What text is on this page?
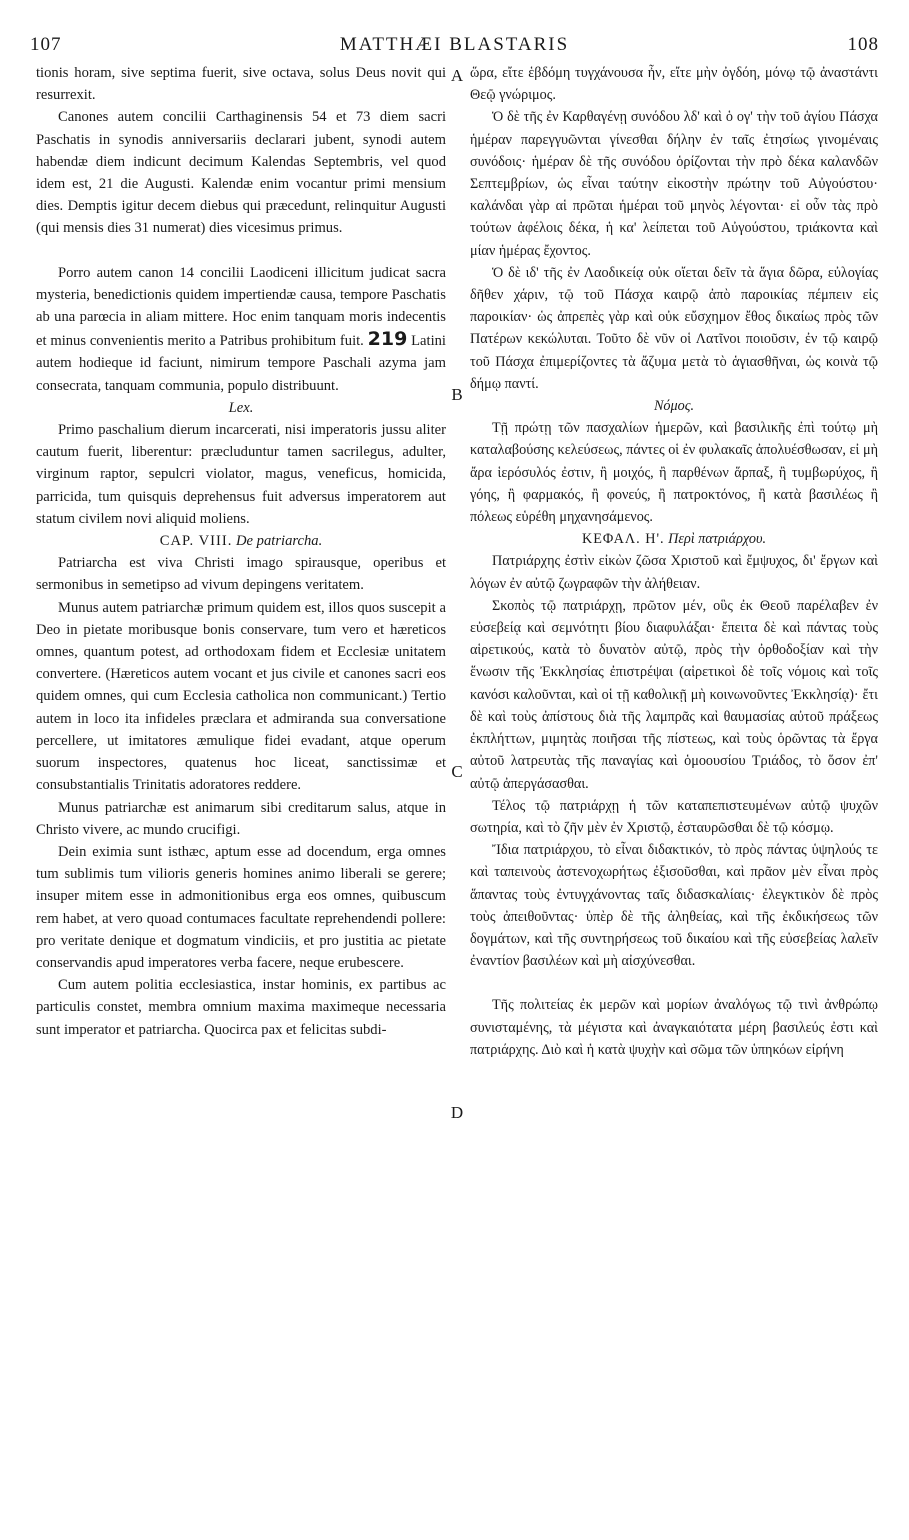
107	MATTHÆI BLASTARIS	108
A
B
C
D

tionis horam, sive septima fuerit, sive octava, solus Deus novit qui resurrexit.

Canones autem concilii Carthaginensis 54 et 73 diem sacri Paschatis in synodis anniversariis declarari jubent, synodi autem habendæ diem indicunt decimum Kalendas Septembris, vel quod idem est, 21 die Augusti. Kalendæ enim vocantur primi mensium dies. Demptis igitur decem diebus qui præcedunt, relinquitur Augusti (qui mensis dies 31 numerat) dies vicesimus primus.

Porro autem canon 14 concilii Laodiceni illicitum judicat sacra mysteria, benedictionis quidem impertiendæ causa, tempore Paschatis ab una parœcia in aliam mittere. Hoc enim tanquam moris indecentis et minus convenientis merito a Patribus prohibitum fuit. 219 Latini autem hodieque id faciunt, nimirum tempore Paschali azyma jam consecrata, tanquam communia, populo distribuunt.

Lex.

Primo paschalium dierum incarcerati, nisi imperatoris jussu aliter cautum fuerit, liberentur: præcluduntur tamen sacrilegus, adulter, virginum raptor, sepulcri violator, magus, veneficus, homicida, parricida, tum quisquis deprehensus fuit adversus imperatorem aut statum civilem novi aliquid moliens.

CAP. VIII. De patriarcha.

Patriarcha est viva Christi imago spirausque, operibus et sermonibus in semetipso ad vivum depingens veritatem.

Munus autem patriarchæ primum quidem est, illos quos suscepit a Deo in pietate moribusque bonis conservare, tum vero et hæreticos omnes, quantum potest, ad orthodoxam fidem et Ecclesiæ unitatem convertere. (Hæreticos autem vocant et jus civile et canones sacri eos quidem omnes, qui cum Ecclesia catholica non communicant.) Tertio autem in loco ita infideles præclara et admiranda sua conversatione percellere, ut imitatores æmulique fidei evadant, atque operum suorum inspectores, quatenus hoc liceat, sanctissimæ et consubstantialis Trinitatis adoratores reddere.

Munus patriarchæ est animarum sibi creditarum salus, atque in Christo vivere, ac mundo crucifigi.

Dein eximia sunt isthæc, aptum esse ad docendum, erga omnes tum sublimis tum vilioris generis homines animo liberali se gerere; insuper mitem esse in admonitionibus erga eos omnes, quibuscum rem habet, at vero quoad contumaces facultate reprehendendi pollere: pro veritate denique et dogmatum vindiciis, et pro justitia ac pietate conservandis apud imperatores verba facere, neque erubescere.

Cum autem politia ecclesiastica, instar hominis, ex partibus ac particulis constet, membra omnium maxima maximeque necessaria sunt imperator et patriarcha. Quocirca pax et felicitas subdi-

ὥρα, εἴτε ἑβδόμη τυγχάνουσα ἦν, εἴτε μὴν ὀγδόη, μόνῳ τῷ ἀναστάντι Θεῷ γνώριμος.

Ὁ δὲ τῆς ἐν Καρθαγένῃ συνόδου λδ' καὶ ὁ ογ' τὴν τοῦ ἁγίου Πάσχα ἡμέραν παρεγγυῶνται γίνεσθαι δήλην ἐν ταῖς ἐτησίως γινομέναις συνόδοις· ἡμέραν δὲ τῆς συνόδου ὁρίζονται τὴν πρὸ δέκα καλανδῶν Σεπτεμβρίων, ὡς εἶναι ταύτην εἰκοστὴν πρώτην τοῦ Αὐγούστου· καλάνδαι γὰρ αἱ πρῶται ἡμέραι τοῦ μηνὸς λέγονται· εἰ οὖν τὰς πρὸ τούτων ἀφέλοις δέκα, ἡ κα' λείπεται τοῦ Αὐγούστου, τριάκοντα καὶ μίαν ἡμέρας ἔχοντος.

Ὁ δὲ ιδ' τῆς ἐν Λαοδικείᾳ οὐκ οἴεται δεῖν τὰ ἅγια δῶρα, εὐλογίας δῆθεν χάριν, τῷ τοῦ Πάσχα καιρῷ ἀπὸ παροικίας πέμπειν εἰς παροικίαν· ὡς ἀπρεπὲς γὰρ καὶ οὐκ εὔσχημον ἔθος δικαίως πρὸς τῶν Πατέρων κεκώλυται. Τοῦτο δὲ νῦν οἱ Λατῖνοι ποιοῦσιν, ἐν τῷ καιρῷ τοῦ Πάσχα ἐπιμερίζοντες τὰ ἄζυμα μετὰ τὸ ἁγιασθῆναι, ὡς κοινὰ τῷ δήμῳ παντί.

Νόμος.

Τῇ πρώτῃ τῶν πασχαλίων ἡμερῶν, καὶ βασιλικῆς ἐπὶ τούτῳ μὴ καταλαβούσης κελεύσεως, πάντες οἱ ἐν φυλακαῖς ἀπολυέσθωσαν, εἰ μὴ ἄρα ἱερόσυλός ἐστιν, ἢ μοιχός, ἢ παρθένων ἅρπαξ, ἢ τυμβωρύχος, ἢ γόης, ἢ φαρμακός, ἢ φονεύς, ἢ πατροκτόνος, ἢ κατὰ βασιλέως ἢ πόλεως εὑρέθη μηχανησάμενος.

ΚΕΦΑΛ. Η'. Περὶ πατριάρχου.

Πατριάρχης ἐστὶν εἰκὼν ζῶσα Χριστοῦ καὶ ἔμψυχος, δι' ἔργων καὶ λόγων ἐν αὐτῷ ζωγραφῶν τὴν ἀλήθειαν.

Σκοπὸς τῷ πατριάρχῃ, πρῶτον μέν, οὓς ἐκ Θεοῦ παρέλαβεν ἐν εὐσεβείᾳ καὶ σεμνότητι βίου διαφυλάξαι· ἔπειτα δὲ καὶ πάντας τοὺς αἱρετικούς, κατὰ τὸ δυνατὸν αὐτῷ, πρὸς τὴν ὀρθοδοξίαν καὶ τὴν ἕνωσιν τῆς Ἐκκλησίας ἐπιστρέψαι (αἱρετικοὶ δὲ τοῖς νόμοις καὶ τοῖς κανόσι καλοῦνται, καὶ οἱ τῇ καθολικῇ μὴ κοινωνοῦντες Ἐκκλησίᾳ)· ἔτι δὲ καὶ τοὺς ἀπίστους διὰ τῆς λαμπρᾶς καὶ θαυμασίας αὐτοῦ πράξεως ἐκπλήττων, μιμητὰς ποιῆσαι τῆς πίστεως, καὶ τοὺς ὁρῶντας τὰ ἔργα αὐτοῦ λατρευτὰς τῆς παναγίας καὶ ὁμοουσίου Τριάδος, τὸ ὅσον ἐπ' αὐτῷ ἀπεργάσασθαι.

Τέλος τῷ πατριάρχῃ ἡ τῶν καταπεπιστευμένων αὐτῷ ψυχῶν σωτηρία, καὶ τὸ ζῆν μὲν ἐν Χριστῷ, ἐσταυρῶσθαι δὲ τῷ κόσμῳ.

Ἴδια πατριάρχου, τὸ εἶναι διδακτικόν, τὸ πρὸς πάντας ὑψηλούς τε καὶ ταπεινοὺς ἀστενοχωρήτως ἐξισοῦσθαι, καὶ πρᾶον μὲν εἶναι πρὸς ἅπαντας τοὺς ἐντυγχάνοντας ταῖς διδασκαλίαις· ἐλεγκτικὸν δὲ πρὸς τοὺς ἀπειθοῦντας· ὑπὲρ δὲ τῆς ἀληθείας, καὶ τῆς ἐκδικήσεως τῶν δογμάτων, καὶ τῆς συντηρήσεως τοῦ δικαίου καὶ τῆς εὐσεβείας λαλεῖν ἐναντίον βασιλέων καὶ μὴ αἰσχύνεσθαι.

Τῆς πολιτείας ἐκ μερῶν καὶ μορίων ἀναλόγως τῷ τινὶ ἀνθρώπῳ συνισταμένης, τὰ μέγιστα καὶ ἀναγκαιότατα μέρη βασιλεύς ἐστι καὶ πατριάρχης. Διὸ καὶ ἡ κατὰ ψυχὴν καὶ σῶμα τῶν ὑπηκόων εἰρήνη
